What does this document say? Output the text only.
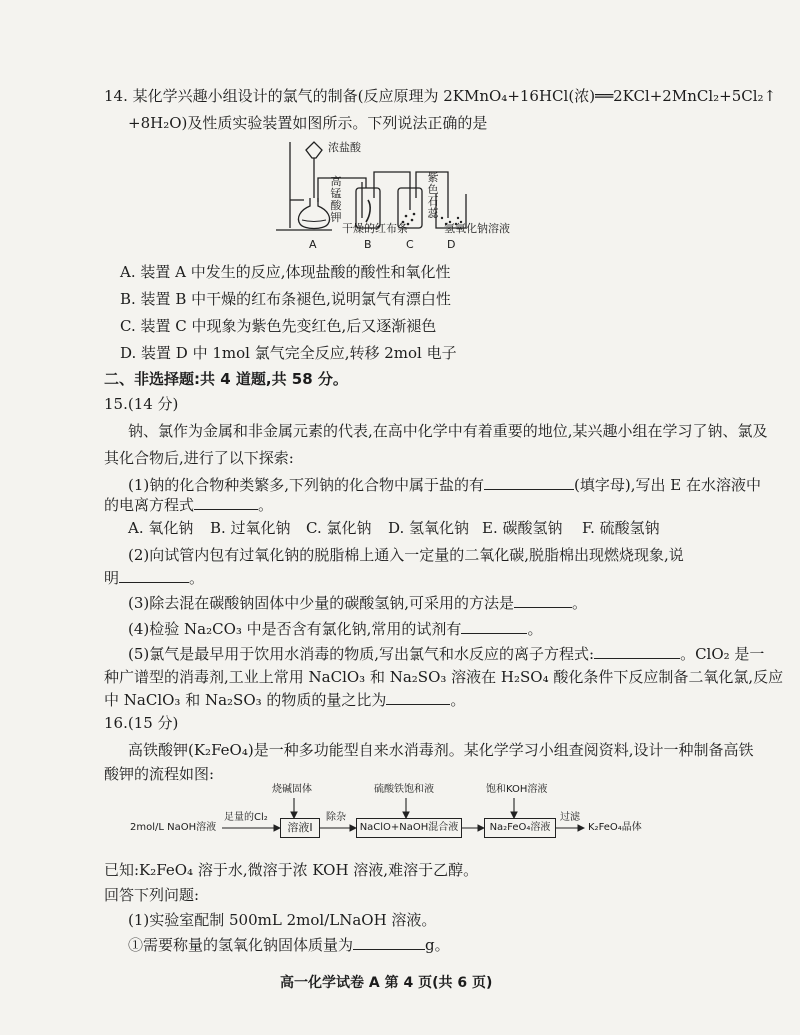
14. 某化学兴趣小组设计的氯气的制备(反应原理为 2KMnO₄+16HCl(浓)══2KCl+2MnCl₂+5Cl₂↑
+8H₂O)及性质实验装置如图所示。下列说法正确的是
浓盐酸
高锰酸钾
紫色石蕊
干燥的红布条	氢氧化钠溶液
A	B	C	D
A. 装置 A 中发生的反应,体现盐酸的酸性和氧化性
B. 装置 B 中干燥的红布条褪色,说明氯气有漂白性
C. 装置 C 中现象为紫色先变红色,后又逐渐褪色
D. 装置 D 中 1mol 氯气完全反应,转移 2mol 电子
二、非选择题:共 4 道题,共 58 分。
15.(14 分)
钠、氯作为金属和非金属元素的代表,在高中化学中有着重要的地位,某兴趣小组在学习了钠、氯及
其化合物后,进行了以下探索:
(1)钠的化合物种类繁多,下列钠的化合物中属于盐的有	(填字母),写出 E 在水溶液中
的电离方程式	。
A. 氧化钠 B. 过氧化钠 C. 氯化钠 D. 氢氧化钠 E. 碳酸氢钠 F. 硫酸氢钠
(2)向试管内包有过氧化钠的脱脂棉上通入一定量的二氧化碳,脱脂棉出现燃烧现象,说
明	。
(3)除去混在碳酸钠固体中少量的碳酸氢钠,可采用的方法是	。
(4)检验 Na₂CO₃ 中是否含有氯化钠,常用的试剂有	。
(5)氯气是最早用于饮用水消毒的物质,写出氯气和水反应的离子方程式:	。ClO₂ 是一
种广谱型的消毒剂,工业上常用 NaClO₃ 和 Na₂SO₃ 溶液在 H₂SO₄ 酸化条件下反应制备二氧化氯,反应
中 NaClO₃ 和 Na₂SO₃ 的物质的量之比为	。
16.(15 分)
高铁酸钾(K₂FeO₄)是一种多功能型自来水消毒剂。某化学学习小组查阅资料,设计一种制备高铁
酸钾的流程如图:
2mol/L NaOH溶液
足量的Cl₂
溶液Ⅰ
烧碱固体
除杂
NaClO+NaOH混合液
硫酸铁饱和液
Na₂FeO₄溶液
饱和KOH溶液
过滤
K₂FeO₄晶体
已知:K₂FeO₄ 溶于水,微溶于浓 KOH 溶液,难溶于乙醇。
回答下列问题:
(1)实验室配制 500mL 2mol/LNaOH 溶液。
①需要称量的氢氧化钠固体质量为	g。
高一化学试卷 A 第 4 页(共 6 页)
